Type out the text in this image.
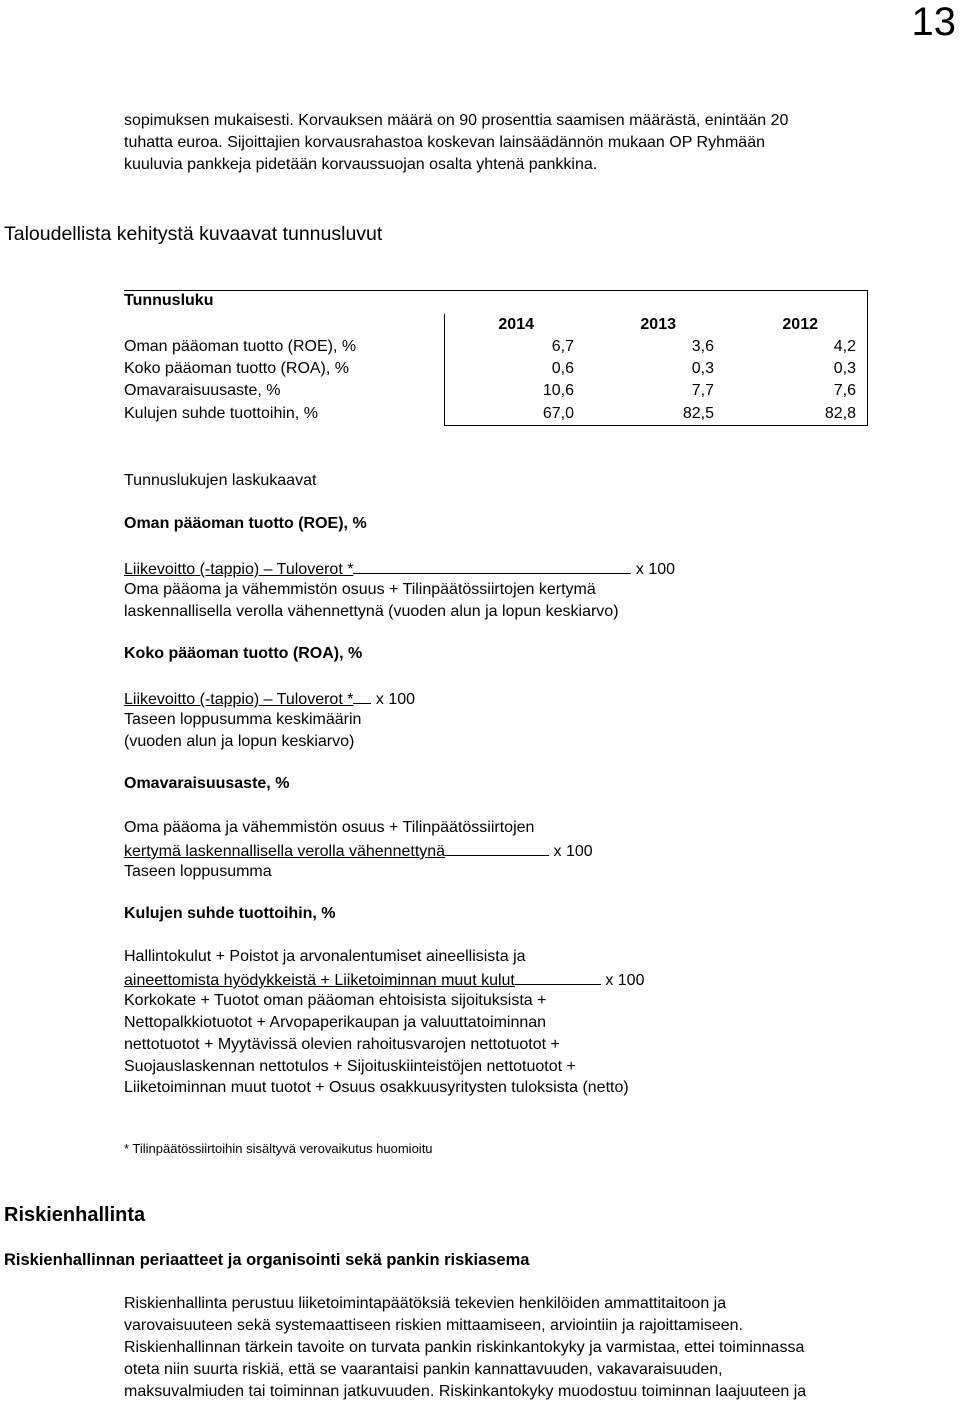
13
sopimuksen mukaisesti. Korvauksen määrä on 90 prosenttia saamisen määrästä, enintään 20
tuhatta euroa. Sijoittajien korvausrahastoa koskevan lainsäädännön mukaan OP Ryhmään
kuuluvia pankkeja pidetään korvaussuojan osalta yhtenä pankkina.
Taloudellista kehitystä kuvaavat tunnusluvut
Tunnusluku
2014	2013	2012
Oman pääoman tuotto (ROE), %	6,7	3,6	4,2
Koko pääoman tuotto (ROA), %	0,6	0,3	0,3
Omavaraisuusaste, %	10,6	7,7	7,6
Kulujen suhde tuottoihin, %	67,0	82,5	82,8
Tunnuslukujen laskukaavat
Oman pääoman tuotto (ROE), %
Liikevoitto (-tappio) – Tuloverot *	x 100
Oma pääoma ja vähemmistön osuus + Tilinpäätössiirtojen kertymä
laskennallisella verolla vähennettynä (vuoden alun ja lopun keskiarvo)
Koko pääoman tuotto (ROA), %
Liikevoitto (-tappio) – Tuloverot * x 100
Taseen loppusumma keskimäärin
(vuoden alun ja lopun keskiarvo)
Omavaraisuusaste, %
Oma pääoma ja vähemmistön osuus + Tilinpäätössiirtojen
kertymä laskennallisella verolla vähennettynä	x 100
Taseen loppusumma
Kulujen suhde tuottoihin, %
Hallintokulut + Poistot ja arvonalentumiset aineellisista ja
aineettomista hyödykkeistä + Liiketoiminnan muut kulut	x 100
Korkokate + Tuotot oman pääoman ehtoisista sijoituksista +
Nettopalkkiotuotot + Arvopaperikaupan ja valuuttatoiminnan
nettotuotot + Myytävissä olevien rahoitusvarojen nettotuotot +
Suojauslaskennan nettotulos + Sijoituskiinteistöjen nettotuotot +
Liiketoiminnan muut tuotot + Osuus osakkuusyritysten tuloksista (netto)
* Tilinpäätössiirtoihin sisältyvä verovaikutus huomioitu
Riskienhallinta
Riskienhallinnan periaatteet ja organisointi sekä pankin riskiasema
Riskienhallinta perustuu liiketoimintapäätöksiä tekevien henkilöiden ammattitaitoon ja
varovaisuuteen sekä systemaattiseen riskien mittaamiseen, arviointiin ja rajoittamiseen.
Riskienhallinnan tärkein tavoite on turvata pankin riskinkantokyky ja varmistaa, ettei toiminnassa
oteta niin suurta riskiä, että se vaarantaisi pankin kannattavuuden, vakavaraisuuden,
maksuvalmiuden tai toiminnan jatkuvuuden. Riskinkantokyky muodostuu toiminnan laajuuteen ja
